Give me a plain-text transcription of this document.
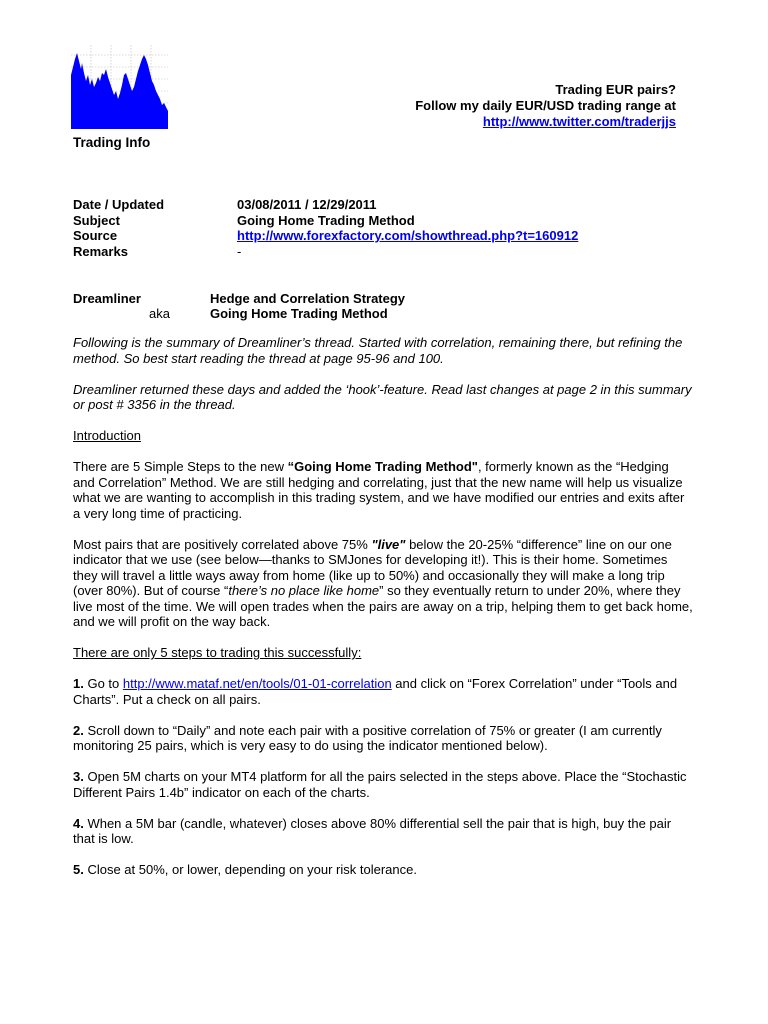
Trading EUR pairs?
Follow my daily EUR/USD trading range at
http://www.twitter.com/traderjjs
Trading Info
Date / Updated	03/08/2011 / 12/29/2011
Subject	Going Home Trading Method
Source	http://www.forexfactory.com/showthread.php?t=160912
Remarks	-
Dreamliner	Hedge and Correlation Strategy
aka	Going Home Trading Method

Following is the summary of Dreamliner’s thread. Started with correlation, remaining there, but refining the method. So best start reading the thread at page 95-96 and 100.

Dreamliner returned these days and added the ‘hook’-feature. Read last changes at page 2 in this summary or post # 3356 in the thread.

Introduction

There are 5 Simple Steps to the new “Going Home Trading Method", formerly known as the “Hedging and Correlation” Method. We are still hedging and correlating, just that the new name will help us visualize what we are wanting to accomplish in this trading system, and we have modified our entries and exits after a very long time of practicing.

Most pairs that are positively correlated above 75% "live" below the 20-25% “difference” line on our one indicator that we use (see below—thanks to SMJones for developing it!). This is their home. Sometimes they will travel a little ways away from home (like up to 50%) and occasionally they will make a long trip (over 80%). But of course “there’s no place like home” so they eventually return to under 20%, where they live most of the time. We will open trades when the pairs are away on a trip, helping them to get back home, and we will profit on the way back.

There are only 5 steps to trading this successfully:

1. Go to http://www.mataf.net/en/tools/01-01-correlation and click on “Forex Correlation” under “Tools and Charts”. Put a check on all pairs.

2. Scroll down to “Daily” and note each pair with a positive correlation of 75% or greater (I am currently monitoring 25 pairs, which is very easy to do using the indicator mentioned below).

3. Open 5M charts on your MT4 platform for all the pairs selected in the steps above. Place the “Stochastic Different Pairs 1.4b” indicator on each of the charts.

4. When a 5M bar (candle, whatever) closes above 80% differential sell the pair that is high, buy the pair that is low.

5. Close at 50%, or lower, depending on your risk tolerance.
